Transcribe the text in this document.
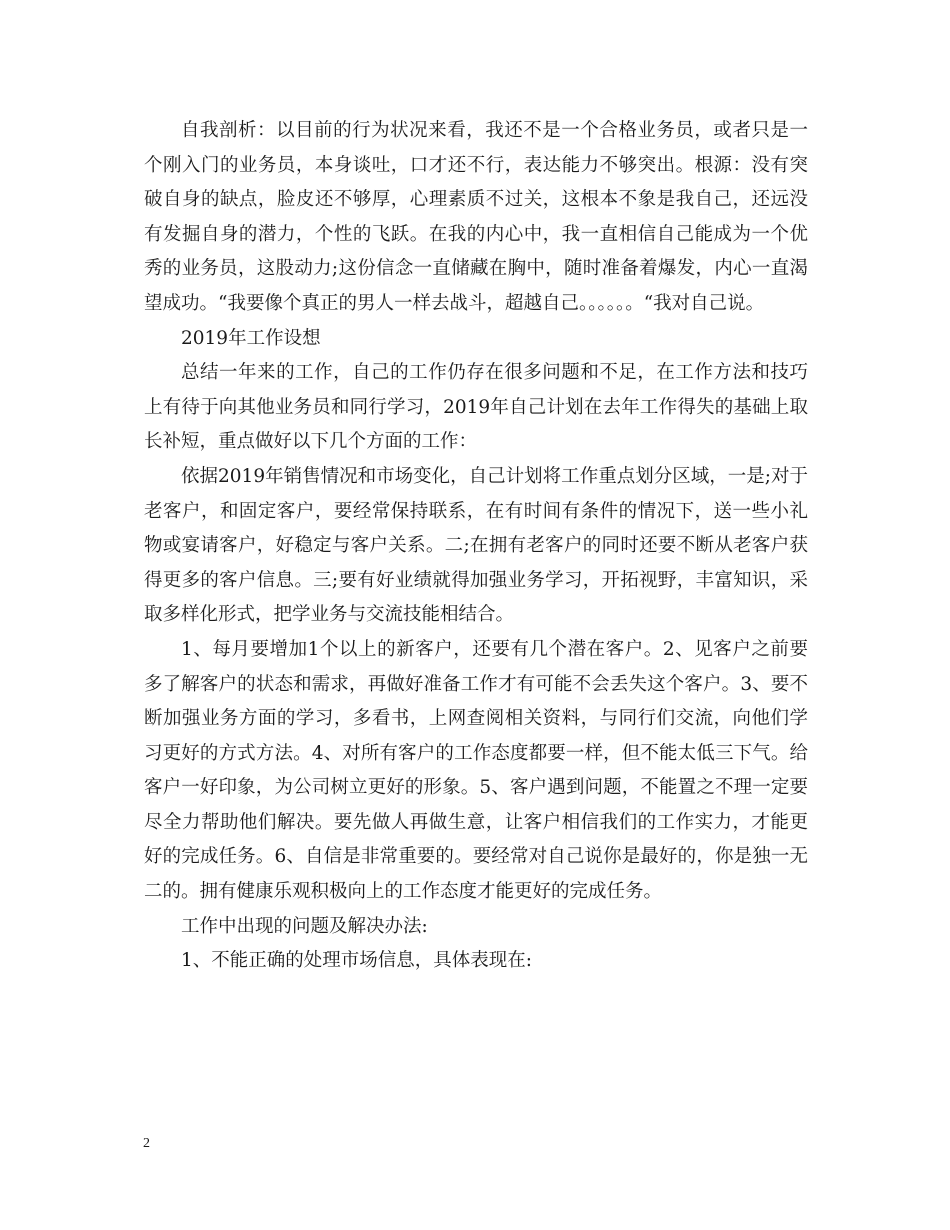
自我剖析：以目前的行为状况来看，我还不是一个合格业务员，或者只是一个刚入门的业务员，本身谈吐，口才还不行，表达能力不够突出。根源：没有突破自身的缺点，脸皮还不够厚，心理素质不过关，这根本不象是我自己，还远没有发掘自身的潜力，个性的飞跃。在我的内心中，我一直相信自己能成为一个优秀的业务员，这股动力;这份信念一直储藏在胸中，随时准备着爆发，内心一直渴望成功。“我要像个真正的男人一样去战斗，超越自己。。。。。。“我对自己说。

2019年工作设想

总结一年来的工作，自己的工作仍存在很多问题和不足，在工作方法和技巧上有待于向其他业务员和同行学习，2019年自己计划在去年工作得失的基础上取长补短，重点做好以下几个方面的工作：

依据2019年销售情况和市场变化，自己计划将工作重点划分区域，一是;对于老客户，和固定客户，要经常保持联系，在有时间有条件的情况下，送一些小礼物或宴请客户，好稳定与客户关系。二;在拥有老客户的同时还要不断从老客户获得更多的客户信息。三;要有好业绩就得加强业务学习，开拓视野，丰富知识，采取多样化形式，把学业务与交流技能相结合。

1、每月要增加1个以上的新客户，还要有几个潜在客户。2、见客户之前要多了解客户的状态和需求，再做好准备工作才有可能不会丢失这个客户。3、要不断加强业务方面的学习，多看书，上网查阅相关资料，与同行们交流，向他们学习更好的方式方法。4、对所有客户的工作态度都要一样，但不能太低三下气。给客户一好印象，为公司树立更好的形象。5、客户遇到问题，不能置之不理一定要尽全力帮助他们解决。要先做人再做生意，让客户相信我们的工作实力，才能更好的完成任务。6、自信是非常重要的。要经常对自己说你是最好的，你是独一无二的。拥有健康乐观积极向上的工作态度才能更好的完成任务。

工作中出现的问题及解决办法:

1、不能正确的处理市场信息，具体表现在:

2
